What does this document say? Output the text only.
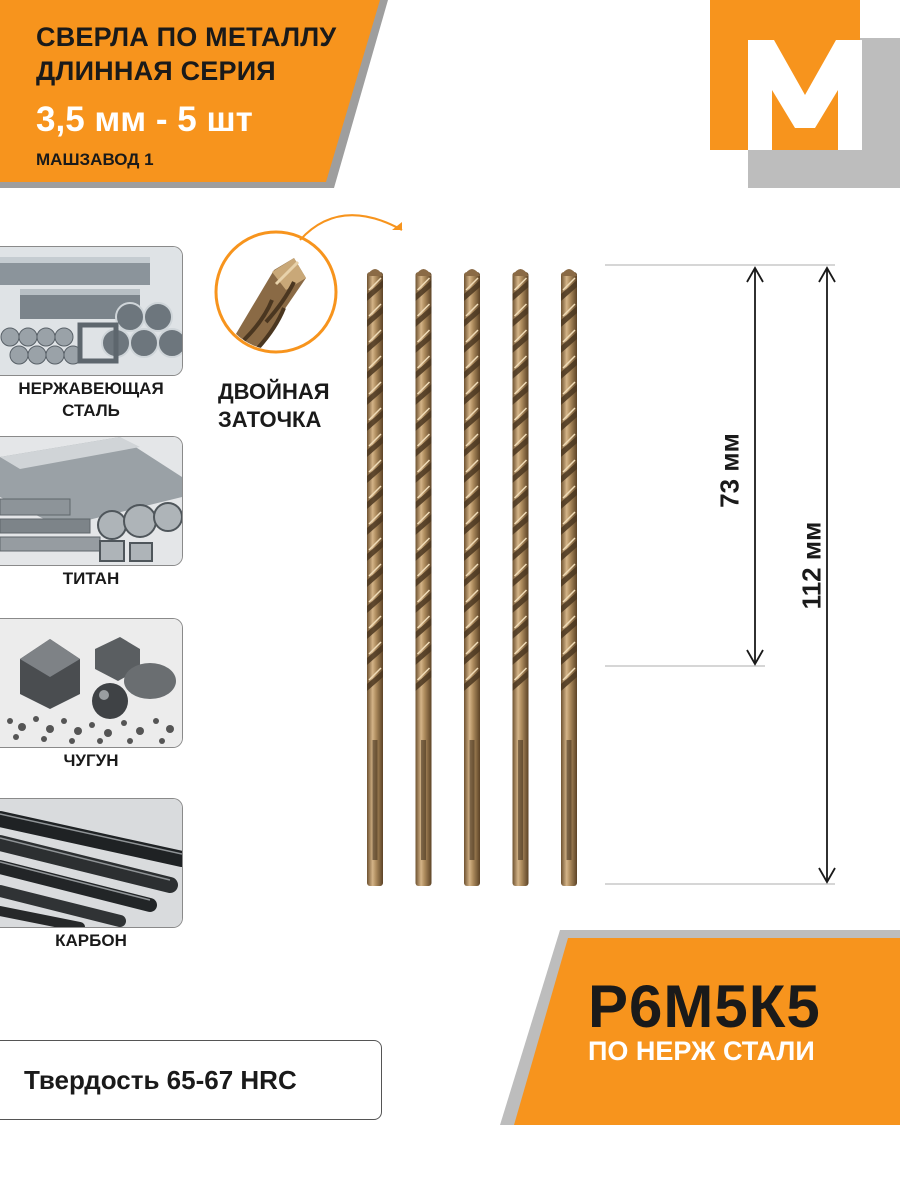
СВЕРЛА ПО МЕТАЛЛУ
ДЛИННАЯ СЕРИЯ
3,5 мм - 5 шт
МАШЗАВОД 1
НЕРЖАВЕЮЩАЯ
СТАЛЬ
ТИТАН
ЧУГУН
КАРБОН
ДВОЙНАЯ
ЗАТОЧКА
73 мм
112 мм
Твердость 65-67 HRC
Р6М5К5
ПО НЕРЖ СТАЛИ
